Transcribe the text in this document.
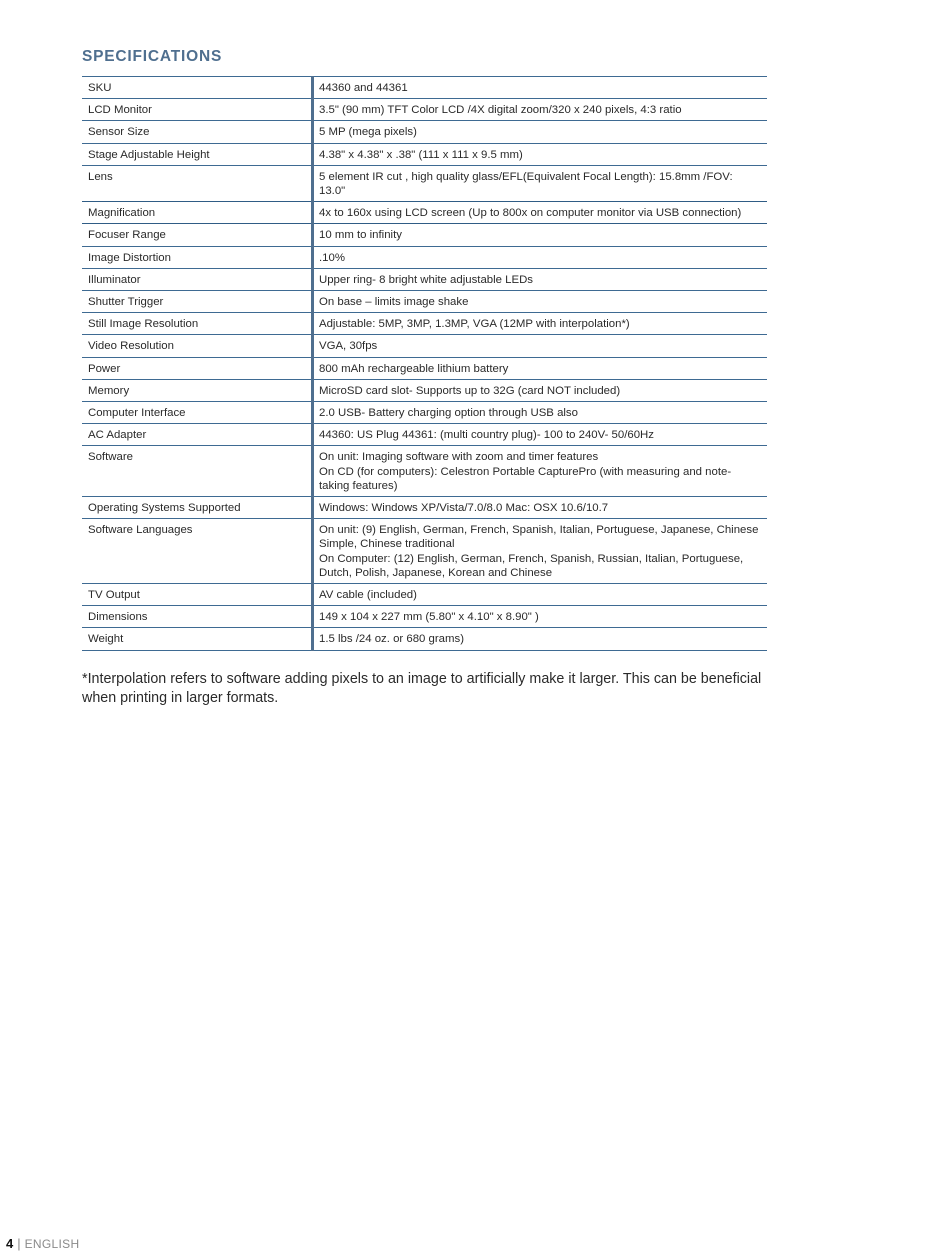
SPECIFICATIONS
SKU	44360 and 44361
LCD Monitor	3.5" (90 mm) TFT Color LCD /4X digital zoom/320 x 240 pixels, 4:3 ratio
Sensor Size	5 MP (mega pixels)
Stage Adjustable Height	4.38" x 4.38" x .38" (111 x 111 x 9.5 mm)
Lens	5 element IR cut , high quality glass/EFL(Equivalent Focal Length): 15.8mm /FOV: 13.0"
Magnification	4x to 160x using LCD screen (Up to 800x on computer monitor via USB connection)
Focuser Range	10 mm to infinity
Image Distortion	.10%
Illuminator	Upper ring- 8 bright white adjustable LEDs
Shutter Trigger	On base – limits image shake
Still Image Resolution	Adjustable: 5MP, 3MP, 1.3MP, VGA (12MP with interpolation*)
Video Resolution	VGA, 30fps
Power	800 mAh rechargeable lithium battery
Memory	MicroSD card slot- Supports up to 32G (card NOT included)
Computer Interface	2.0 USB- Battery charging option through USB also
AC Adapter	44360: US Plug 44361: (multi country plug)- 100 to 240V- 50/60Hz
Software	On unit: Imaging software with zoom and timer features
On CD (for computers): Celestron Portable CapturePro (with measuring and note-taking features)

Operating Systems Supported	Windows: Windows XP/Vista/7.0/8.0 Mac: OSX 10.6/10.7
Software Languages	On unit: (9) English, German, French, Spanish, Italian, Portuguese, Japanese, Chinese Simple, Chinese traditional
On Computer: (12) English, German, French, Spanish, Russian, Italian, Portuguese, Dutch, Polish, Japanese, Korean and Chinese

TV Output	AV cable (included)
Dimensions	149 x 104 x 227 mm (5.80" x 4.10" x 8.90" )
Weight	1.5 lbs /24 oz. or 680 grams)
*Interpolation refers to software adding pixels to an image to artificially make it larger. This can be beneficial when printing in larger formats.
4 | ENGLISH
